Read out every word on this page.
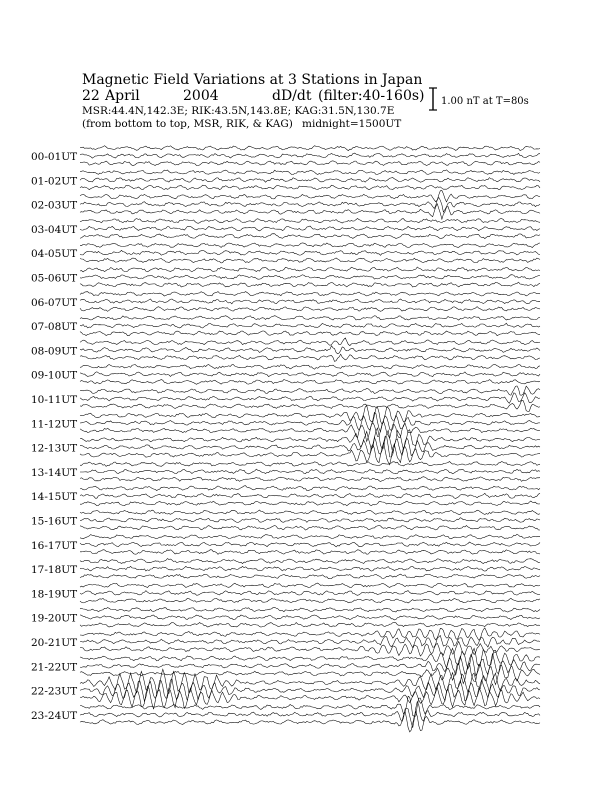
Magnetic Field Variations at 3 Stations in Japan
22 April	2004	dD/dt (filter:40-160s)
MSR:44.4N,142.3E; RIK:43.5N,143.8E; KAG:31.5N,130.7E
(from bottom to top, MSR, RIK, & KAG) midnight=1500UT
1.00 nT at T=80s
00-01UT
01-02UT
02-03UT
03-04UT
04-05UT
05-06UT
06-07UT
07-08UT
08-09UT
09-10UT
10-11UT
11-12UT
12-13UT
13-14UT
14-15UT
15-16UT
16-17UT
17-18UT
18-19UT
19-20UT
20-21UT
21-22UT
22-23UT
23-24UT
